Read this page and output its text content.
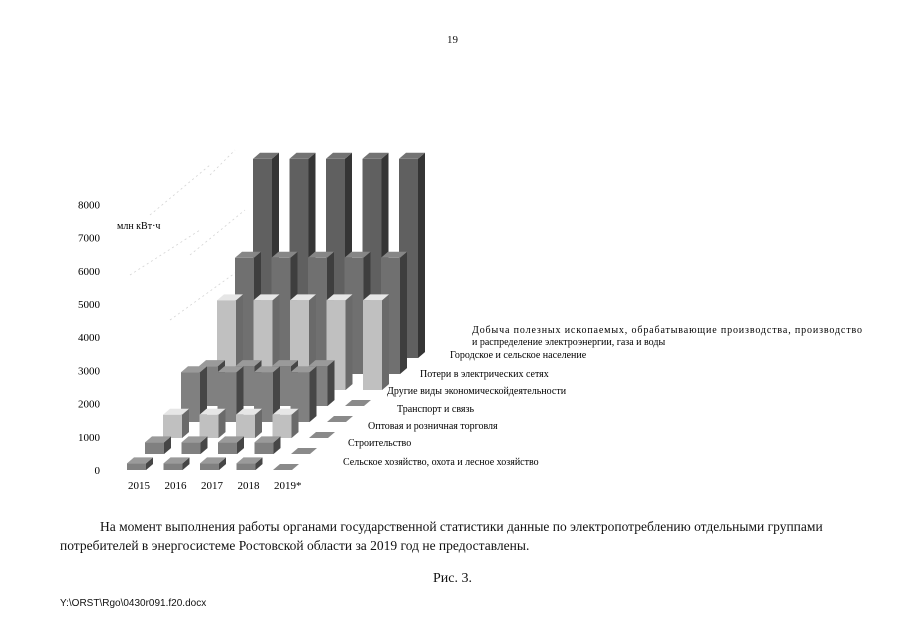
19
0
1000
2000
3000
4000
5000
6000
7000
8000
млн кВт·ч
Сельское хозяйство, охота и лесное хозяйство
Строительство
Оптовая и розничная торговля
Транспорт и связь
Другие виды экономическойдеятельности
Потери в электрических сетях
Городское и сельское население
Добыча полезных ископаемых, обрабатывающие производства, производство и распределение электроэнергии, газа и воды
2015 2016 2017 2018 2019*
На момент выполнения работы органами государственной статистики данные по электропотреблению отдельными группами потребителей в энергосистеме Ростовской области за 2019 год не предоставлены.
Рис. 3.
Y:\ORST\Rgo\0430r091.f20.docx
